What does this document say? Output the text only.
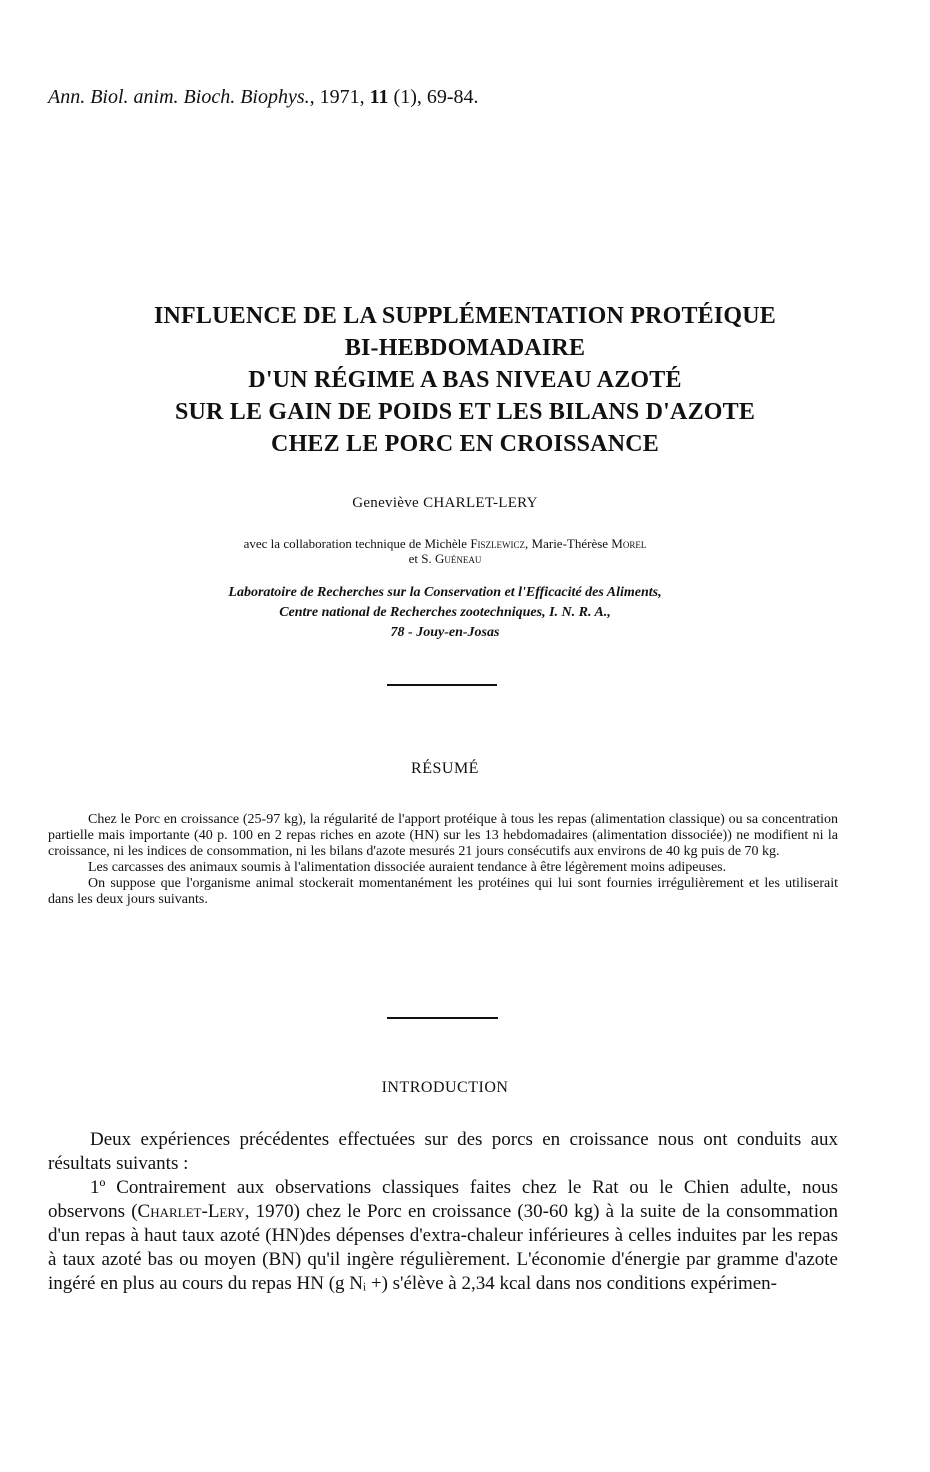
Ann. Biol. anim. Bioch. Biophys., 1971, 11 (1), 69-84.
INFLUENCE DE LA SUPPLÉMENTATION PROTÉIQUE
BI-HEBDOMADAIRE
D'UN RÉGIME A BAS NIVEAU AZOTÉ
SUR LE GAIN DE POIDS ET LES BILANS D'AZOTE
CHEZ LE PORC EN CROISSANCE
Geneviève CHARLET-LERY
avec la collaboration technique de Michèle Fiszlewicz, Marie-Thérèse Morel
et S. Guéneau
Laboratoire de Recherches sur la Conservation et l'Efficacité des Aliments,
Centre national de Recherches zootechniques, I. N. R. A.,
78 - Jouy-en-Josas
RÉSUMÉ

Chez le Porc en croissance (25-97 kg), la régularité de l'apport protéique à tous les repas (alimentation classique) ou sa concentration partielle mais importante (40 p. 100 en 2 repas riches en azote (HN) sur les 13 hebdomadaires (alimentation dissociée)) ne modifient ni la croissance, ni les indices de consommation, ni les bilans d'azote mesurés 21 jours consécutifs aux environs de 40 kg puis de 70 kg.

Les carcasses des animaux soumis à l'alimentation dissociée auraient tendance à être légèrement moins adipeuses.

On suppose que l'organisme animal stockerait momentanément les protéines qui lui sont fournies irrégulièrement et les utiliserait dans les deux jours suivants.

INTRODUCTION

Deux expériences précédentes effectuées sur des porcs en croissance nous ont conduits aux résultats suivants :

1º Contrairement aux observations classiques faites chez le Rat ou le Chien adulte, nous observons (Charlet-Lery, 1970) chez le Porc en croissance (30-60 kg) à la suite de la consommation d'un repas à haut taux azoté (HN)des dépenses d'extra-chaleur inférieures à celles induites par les repas à taux azoté bas ou moyen (BN) qu'il ingère régulièrement. L'économie d'énergie par gramme d'azote ingéré en plus au cours du repas HN (g Nᵢ +) s'élève à 2,34 kcal dans nos conditions expérimen-
